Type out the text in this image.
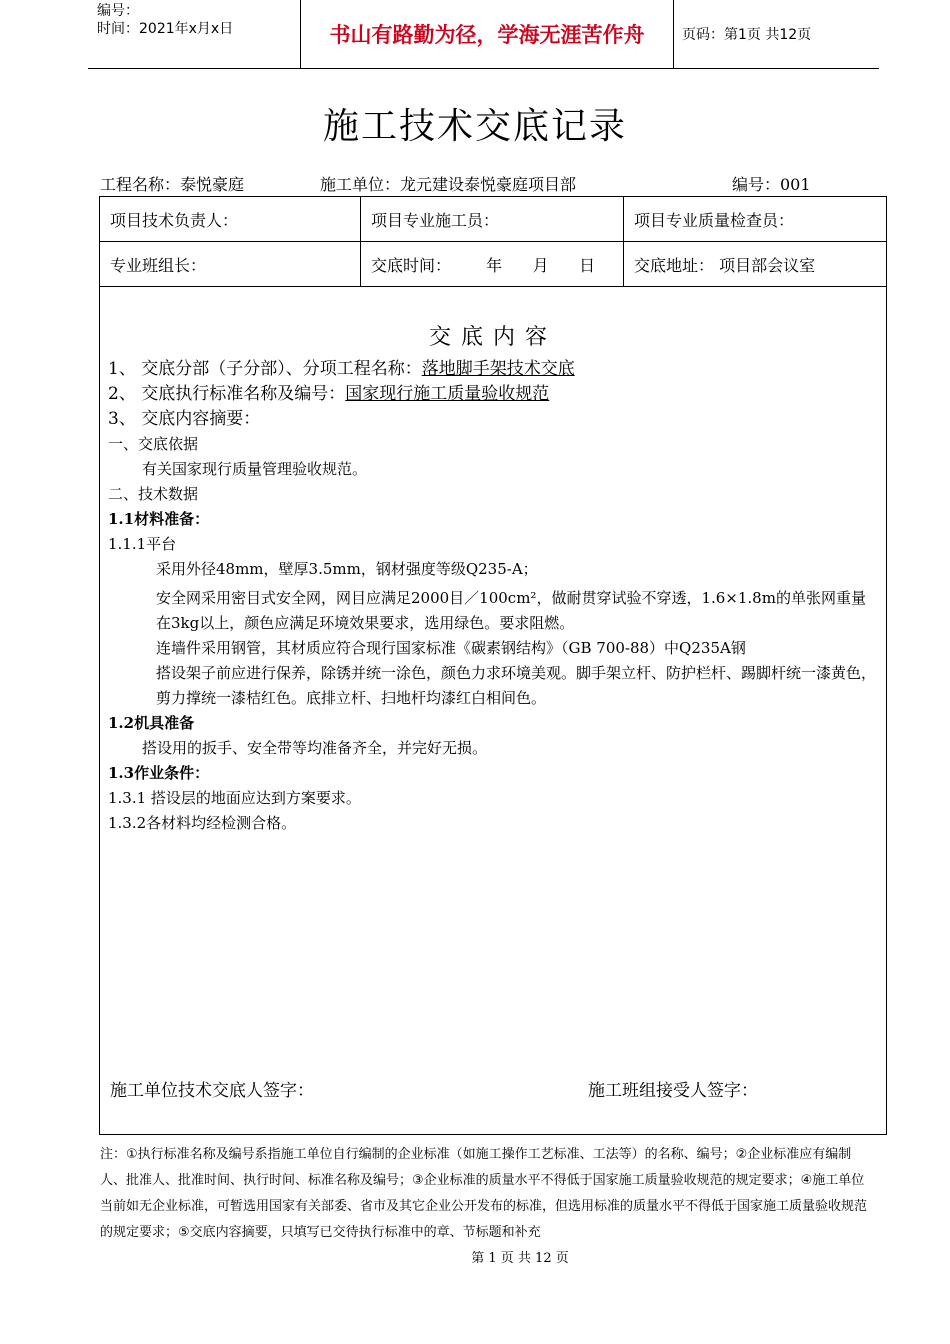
编号：
时间：2021年x月x日	书山有路勤为径，学海无涯苦作舟	页码：第1页 共12页
施工技术交底记录
工程名称：泰悦豪庭	施工单位：龙元建设泰悦豪庭项目部	编号：001
项目技术负责人：	项目专业施工员：	项目专业质量检查员：
专业班组长：	交底时间： 年      月      日	交底地址： 项目部会议室
交底内容
1、 交底分部（子分部）、分项工程名称：落地脚手架技术交底
2、 交底执行标准名称及编号：国家现行施工质量验收规范
3、 交底内容摘要：
一、交底依据
有关国家现行质量管理验收规范。
二、技术数据
1.1材料准备：
1.1.1平台
采用外径48mm，壁厚3.5mm，钢材强度等级Q235-A；
安全网采用密目式安全网，网目应满足2000目／100cm²，做耐贯穿试验不穿透，1.6×1.8m的单张网重量在3kg以上，颜色应满足环境效果要求，选用绿色。要求阻燃。
连墙件采用钢管，其材质应符合现行国家标准《碳素钢结构》（GB 700-88）中Q235A钢
搭设架子前应进行保养，除锈并统一涂色，颜色力求环境美观。脚手架立杆、防护栏杆、踢脚杆统一漆黄色，剪力撑统一漆桔红色。底排立杆、扫地杆均漆红白相间色。
1.2机具准备
搭设用的扳手、安全带等均准备齐全，并完好无损。
1.3作业条件：
1.3.1 搭设层的地面应达到方案要求。
1.3.2各材料均经检测合格。
施工单位技术交底人签字：	施工班组接受人签字：
注：①执行标准名称及编号系指施工单位自行编制的企业标准（如施工操作工艺标准、工法等）的名称、编号；②企业标准应有编制人、批准人、批准时间、执行时间、标准名称及编号；③企业标准的质量水平不得低于国家施工质量验收规范的规定要求；④施工单位当前如无企业标准，可暂选用国家有关部委、省市及其它企业公开发布的标准，但选用标准的质量水平不得低于国家施工质量验收规范的规定要求；⑤交底内容摘要，只填写已交待执行标准中的章、节标题和补充
第 1 页 共 12 页
